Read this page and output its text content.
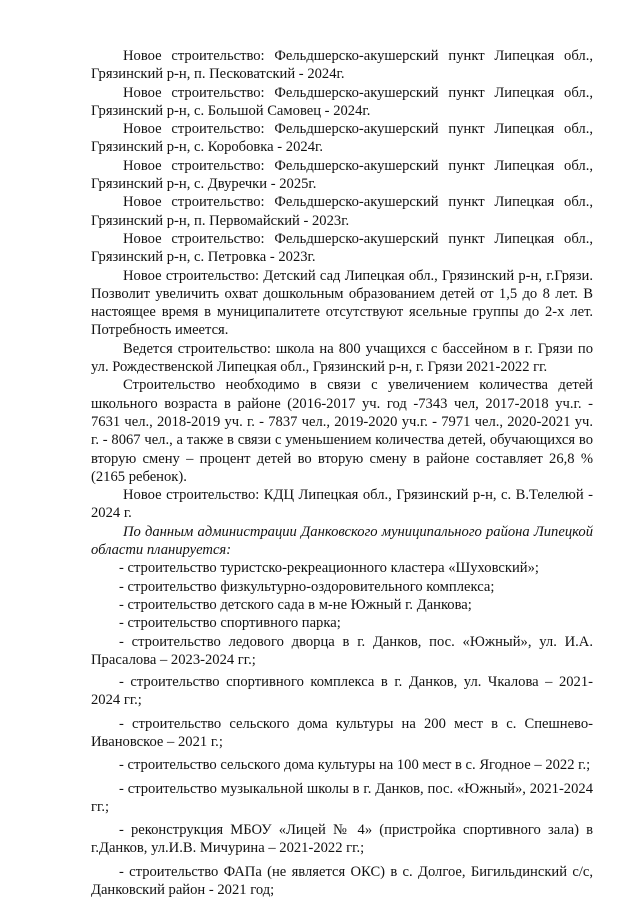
Новое строительство: Фельдшерско-акушерский пункт Липецкая обл., Грязинский р-н, п. Песковатский - 2024г.

Новое строительство: Фельдшерско-акушерский пункт Липецкая обл., Грязинский р-н, с. Большой Самовец - 2024г.

Новое строительство: Фельдшерско-акушерский пункт Липецкая обл., Грязинский р-н, с. Коробовка - 2024г.

Новое строительство: Фельдшерско-акушерский пункт Липецкая обл., Грязинский р-н, с. Двуречки - 2025г.

Новое строительство: Фельдшерско-акушерский пункт Липецкая обл., Грязинский р-н, п. Первомайский - 2023г.

Новое строительство: Фельдшерско-акушерский пункт Липецкая обл., Грязинский р-н, с. Петровка - 2023г.

Новое строительство: Детский сад Липецкая обл., Грязинский р-н, г.Грязи. Позволит увеличить охват дошкольным образованием детей от 1,5 до 8 лет. В настоящее время в муниципалитете отсутствуют ясельные группы до 2-х лет. Потребность имеется.

Ведется строительство: школа на 800 учащихся с бассейном в г. Грязи по ул. Рождественской Липецкая обл., Грязинский р-н, г. Грязи 2021-2022 гг.

Строительство необходимо в связи с увеличением количества детей школьного возраста в районе (2016-2017 уч. год -7343 чел, 2017-2018 уч.г. - 7631 чел., 2018-2019 уч. г. - 7837 чел., 2019-2020 уч.г. - 7971 чел., 2020-2021 уч. г. - 8067 чел., а также в связи с уменьшением количества детей, обучающихся во вторую смену – процент детей во вторую смену в районе составляет 26,8 % (2165 ребенок).

Новое строительство: КДЦ Липецкая обл., Грязинский р-н, с. В.Телелюй - 2024 г.

По данным администрации Данковского муниципального района Липецкой области планируется:

- строительство туристско-рекреационного кластера «Шуховский»;

- строительство физкультурно-оздоровительного комплекса;

- строительство детского сада в м-не Южный г. Данкова;

- строительство спортивного парка;

- строительство ледового дворца в г. Данков, пос. «Южный», ул. И.А. Прасалова – 2023-2024 гг.;

- строительство спортивного комплекса в г. Данков, ул. Чкалова – 2021-2024 гг.;

- строительство сельского дома культуры на 200 мест в с. Спешнево-Ивановское – 2021 г.;

- строительство сельского дома культуры на 100 мест в с. Ягодное – 2022 г.;

- строительство музыкальной школы в г. Данков, пос. «Южный», 2021-2024 гг.;

- реконструкция МБОУ «Лицей № 4» (пристройка спортивного зала) в г.Данков, ул.И.В. Мичурина – 2021-2022 гг.;

- строительство ФАПа (не является ОКС) в с. Долгое, Бигильдинский с/с, Данковский район - 2021 год;
